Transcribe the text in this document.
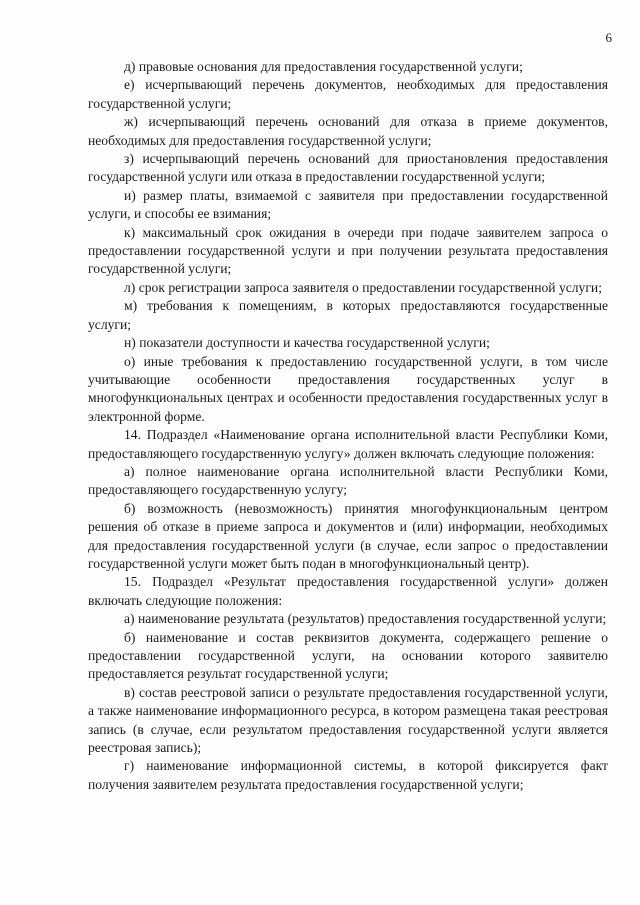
6

д) правовые основания для предоставления государственной услуги;

е) исчерпывающий перечень документов, необходимых для предоставления государственной услуги;

ж) исчерпывающий перечень оснований для отказа в приеме документов, необходимых для предоставления государственной услуги;

з) исчерпывающий перечень оснований для приостановления предоставления государственной услуги или отказа в предоставлении государственной услуги;

и) размер платы, взимаемой с заявителя при предоставлении государственной услуги, и способы ее взимания;

к) максимальный срок ожидания в очереди при подаче заявителем запроса о предоставлении государственной услуги и при получении результата предоставления государственной услуги;

л) срок регистрации запроса заявителя о предоставлении государственной услуги;

м) требования к помещениям, в которых предоставляются государственные услуги;

н) показатели доступности и качества государственной услуги;

о) иные требования к предоставлению государственной услуги, в том числе учитывающие особенности предоставления государственных услуг в многофункциональных центрах и особенности предоставления государственных услуг в электронной форме.

14. Подраздел «Наименование органа исполнительной власти Республики Коми, предоставляющего государственную услугу» должен включать следующие положения:

а) полное наименование органа исполнительной власти Республики Коми, предоставляющего государственную услугу;

б) возможность (невозможность) принятия многофункциональным центром решения об отказе в приеме запроса и документов и (или) информации, необходимых для предоставления государственной услуги (в случае, если запрос о предоставлении государственной услуги может быть подан в многофункциональный центр).

15. Подраздел «Результат предоставления государственной услуги» должен включать следующие положения:

а) наименование результата (результатов) предоставления государственной услуги;

б) наименование и состав реквизитов документа, содержащего решение о предоставлении государственной услуги, на основании которого заявителю предоставляется результат государственной услуги;

в) состав реестровой записи о результате предоставления государственной услуги, а также наименование информационного ресурса, в котором размещена такая реестровая запись (в случае, если результатом предоставления государственной услуги является реестровая запись);

г) наименование информационной системы, в которой фиксируется факт получения заявителем результата предоставления государственной услуги;
